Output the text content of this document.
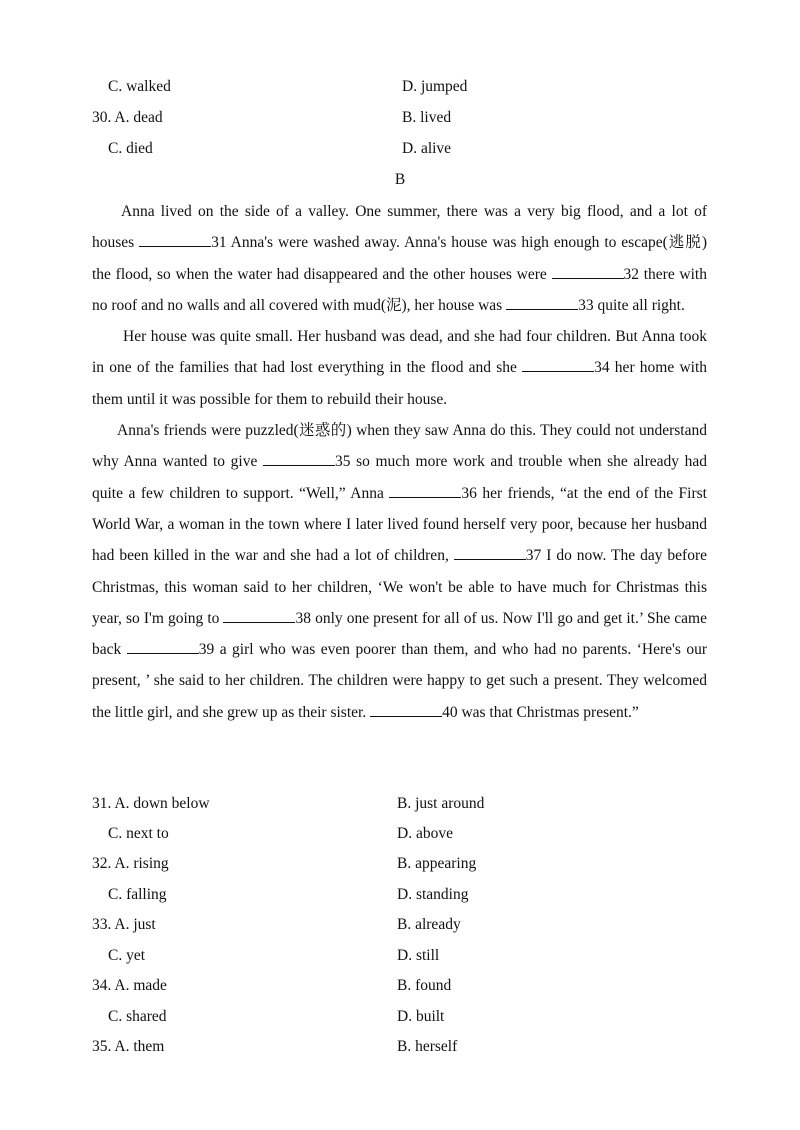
C. walked	D. jumped
30. A. dead	B. lived
C. died	D. alive
B

Anna lived on the side of a valley. One summer, there was a very big flood, and a lot of houses	31 Anna's were washed away. Anna's house was high enough to escape(逃脱) the flood, so when the water had disappeared and the other houses were	32 there with no roof and no walls and all covered with mud(泥), her house was	33 quite all right.

Her house was quite small. Her husband was dead, and she had four children. But Anna took in one of the families that had lost everything in the flood and she	34 her home with them until it was possible for them to rebuild their house.

Anna's friends were puzzled(迷惑的) when they saw Anna do this. They could not understand why Anna wanted to give	35 so much more work and trouble when she already had quite a few children to support. “Well,” Anna	36 her friends, “at the end of the First World War, a woman in the town where I later lived found herself very poor, because her husband had been killed in the war and she had a lot of children,	37 I do now. The day before Christmas, this woman said to her children, ‘We won't be able to have much for Christmas this year, so I'm going to	38 only one present for all of us. Now I'll go and get it.’ She came back	39 a girl who was even poorer than them, and who had no parents. ‘Here's our present, ’ she said to her children. The children were happy to get such a present. They welcomed the little girl, and she grew up as their sister.	40 was that Christmas present.”

31. A. down below	B. just around
C. next to	D. above
32. A. rising	B. appearing
C. falling	D. standing
33. A. just	B. already
C. yet	D. still
34. A. made	B. found
C. shared	D. built
35. A. them	B. herself
